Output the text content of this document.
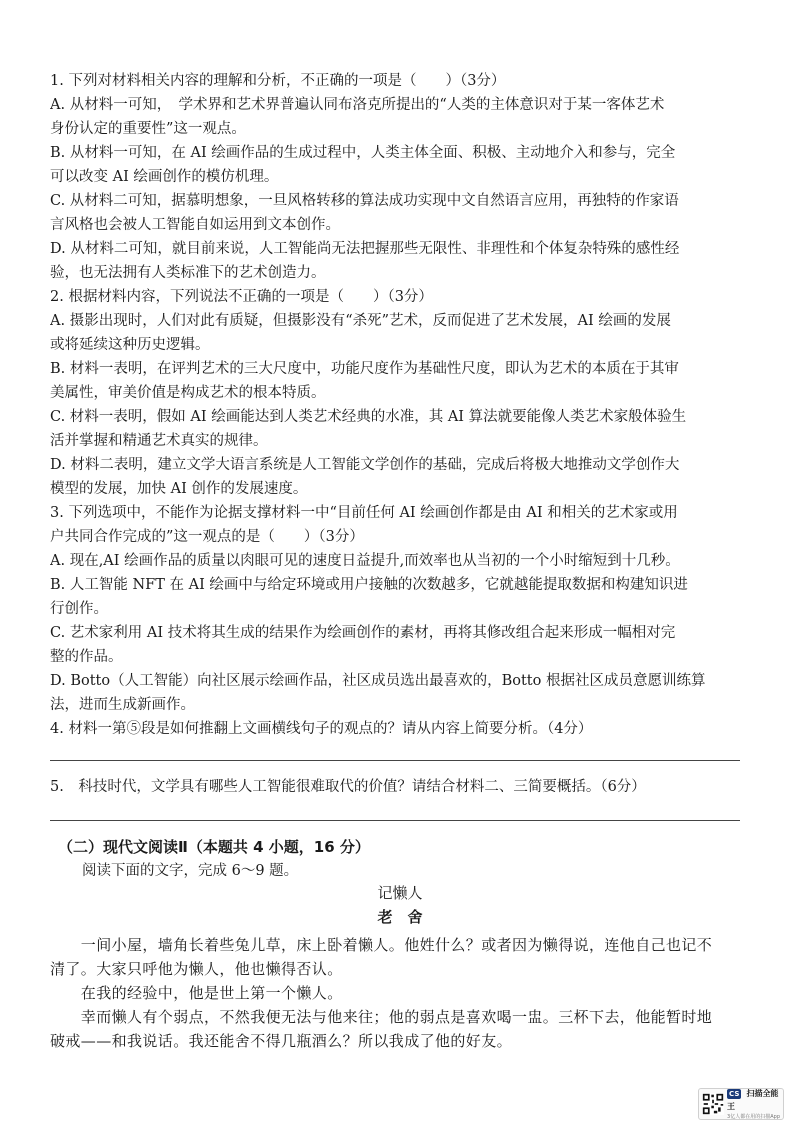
1. 下列对材料相关内容的理解和分析，不正确的一项是（　　）（3分）

A. 从材料一可知，　学术界和艺术界普遍认同布洛克所提出的“人类的主体意识对于某一客体艺术

身份认定的重要性”这一观点。

B. 从材料一可知，在 AI 绘画作品的生成过程中，人类主体全面、积极、主动地介入和参与，完全

可以改变 AI 绘画创作的模仿机理。

C. 从材料二可知，据慕明想象，一旦风格转移的算法成功实现中文自然语言应用，再独特的作家语

言风格也会被人工智能自如运用到文本创作。

D. 从材料二可知，就目前来说，人工智能尚无法把握那些无限性、非理性和个体复杂特殊的感性经

验，也无法拥有人类标准下的艺术创造力。

2. 根据材料内容，下列说法不正确的一项是（　　）（3分）

A. 摄影出现时，人们对此有质疑，但摄影没有“杀死”艺术，反而促进了艺术发展，AI 绘画的发展

或将延续这种历史逻辑。

B. 材料一表明，在评判艺术的三大尺度中，功能尺度作为基础性尺度，即认为艺术的本质在于其审

美属性，审美价值是构成艺术的根本特质。

C. 材料一表明，假如 AI 绘画能达到人类艺术经典的水准，其 AI 算法就要能像人类艺术家般体验生

活并掌握和精通艺术真实的规律。

D. 材料二表明，建立文学大语言系统是人工智能文学创作的基础，完成后将极大地推动文学创作大

模型的发展，加快 AI 创作的发展速度。

3. 下列选项中，不能作为论据支撑材料一中“目前任何 AI 绘画创作都是由 AI 和相关的艺术家或用

户共同合作完成的”这一观点的是（　　）（3分）

A. 现在,AI 绘画作品的质量以肉眼可见的速度日益提升,而效率也从当初的一个小时缩短到十几秒。

B. 人工智能 NFT 在 AI 绘画中与给定环境或用户接触的次数越多，它就越能提取数据和构建知识进

行创作。

C. 艺术家利用 AI 技术将其生成的结果作为绘画创作的素材，再将其修改组合起来形成一幅相对完

整的作品。

D. Botto（人工智能）向社区展示绘画作品，社区成员选出最喜欢的，Botto 根据社区成员意愿训练算

法，进而生成新画作。

4. 材料一第⑤段是如何推翻上文画横线句子的观点的？请从内容上简要分析。（4分）

5.　科技时代，文学具有哪些人工智能很难取代的价值？请结合材料二、三简要概括。（6分）

（二）现代文阅读Ⅱ（本题共 4 小题，16 分）

阅读下面的文字，完成 6～9 题。

记懒人
老　舍

　　一间小屋，墙角长着些兔儿草，床上卧着懒人。他姓什么？或者因为懒得说，连他自己也记不

清了。大家只呼他为懒人，他也懒得否认。

　　在我的经验中，他是世上第一个懒人。

　　幸而懒人有个弱点，不然我便无法与他来往；他的弱点是喜欢喝一盅。三杯下去，他能暂时地

破戒——和我说话。我还能舍不得几瓶酒么？所以我成了他的好友。

CS 扫描全能王
3亿人都在用的扫描App
